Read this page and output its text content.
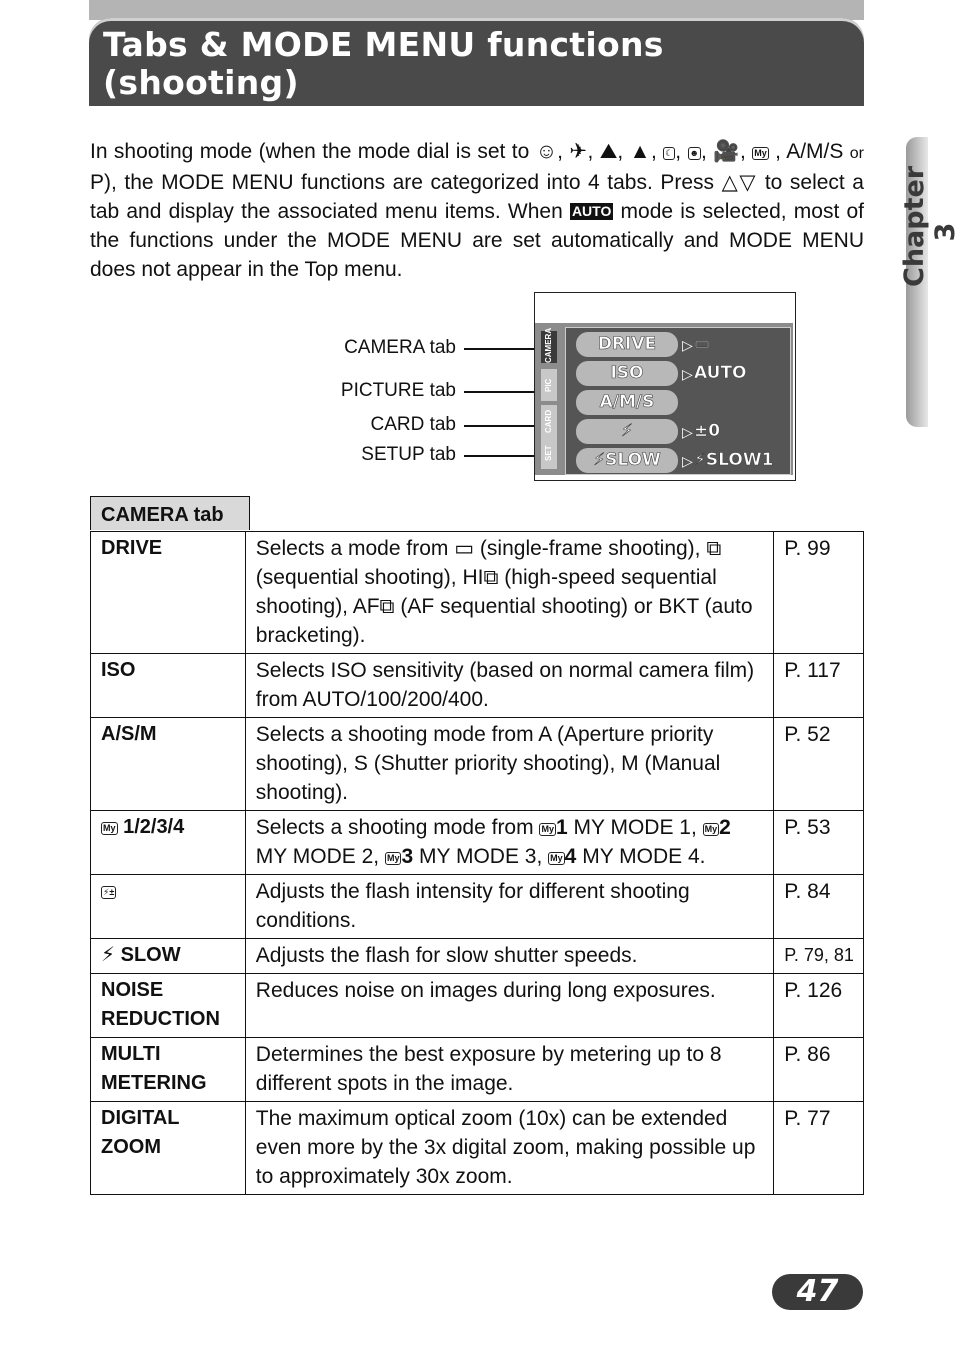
Tabs & MODE MENU functions (shooting)
Chapter 3

In shooting mode (when the mode dial is set to ☺, ✈, ⛰, ▲, ☾, ☻, 🎥, My , A/M/S or P), the MODE MENU functions are categorized into 4 tabs. Press △▽ to select a tab and display the associated menu items. When AUTO mode is selected, most of the functions under the MODE MENU are set automatically and MODE MENU does not appear in the Top menu.

CAMERA tab
PICTURE tab
CARD tab
SETUP tab
CAMERA
PIC
CARD
SET
DRIVE	▷ ▭
ISO	▷ AUTO
A/M/S
⚡	▷ ±0
⚡SLOW	▷ ⚡SLOW1
CAMERA tab
DRIVE	Selects a mode from ▭ (single-frame shooting), ⧉ (sequential shooting), HI⧉ (high-speed sequential shooting), AF⧉ (AF sequential shooting) or BKT (auto bracketing).	P. 99
ISO	Selects ISO sensitivity (based on normal camera film) from AUTO/100/200/400.	P. 117
A/S/M	Selects a shooting mode from A (Aperture priority shooting), S (Shutter priority shooting), M (Manual shooting).	P. 52
My 1/2/3/4	Selects a shooting mode from My1 MY MODE 1, My2 MY MODE 2, My3 MY MODE 3, My4 MY MODE 4.	P. 53
⚡±	Adjusts the flash intensity for different shooting conditions.	P. 84
⚡ SLOW	Adjusts the flash for slow shutter speeds.	P. 79, 81
NOISE REDUCTION	Reduces noise on images during long exposures.	P. 126
MULTI METERING	Determines the best exposure by metering up to 8 different spots in the image.	P. 86
DIGITAL ZOOM	The maximum optical zoom (10x) can be extended even more by the 3x digital zoom, making possible up to approximately 30x zoom.	P. 77
47
